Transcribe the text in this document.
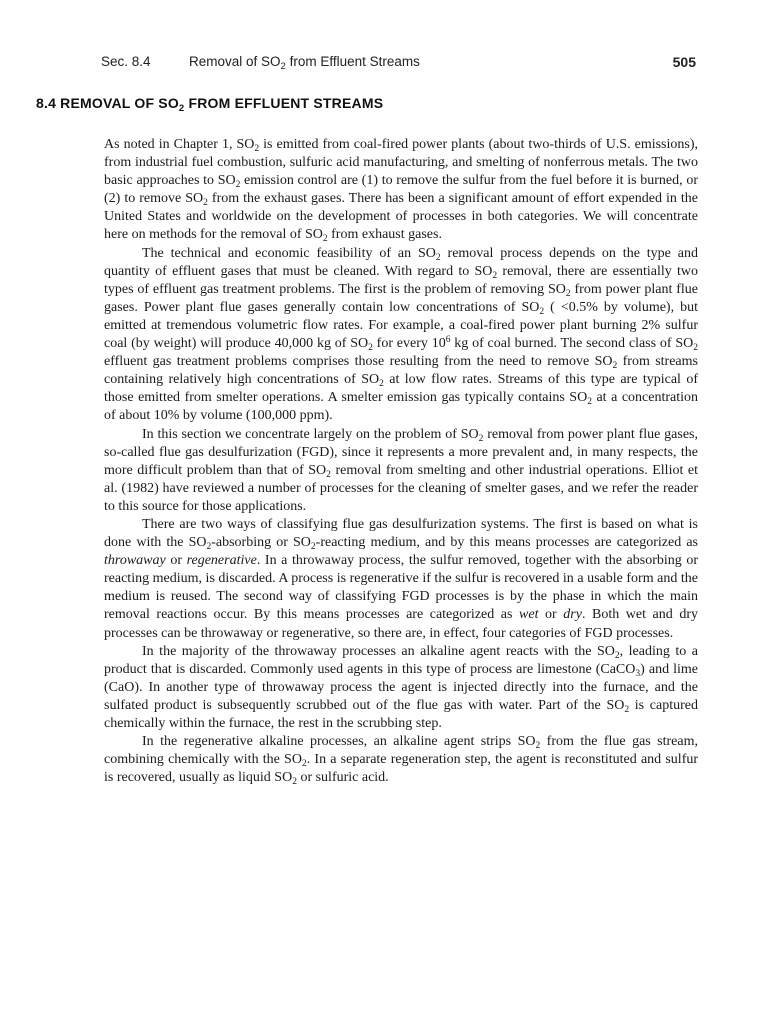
Sec. 8.4	Removal of $SO_2$ from Effluent Streams	505
8.4 REMOVAL OF $SO_2$ FROM EFFLUENT STREAMS

As noted in Chapter 1, $SO_2$ is emitted from coal-fired power plants (about two-thirds of U.S. emissions), from industrial fuel combustion, sulfuric acid manufacturing, and smelting of nonferrous metals. The two basic approaches to $SO_2$ emission control are (1) to remove the sulfur from the fuel before it is burned, or (2) to remove $SO_2$ from the exhaust gases. There has been a significant amount of effort expended in the United States and worldwide on the development of processes in both categories. We will concentrate here on methods for the removal of $SO_2$ from exhaust gases.

The technical and economic feasibility of an $SO_2$ removal process depends on the type and quantity of effluent gases that must be cleaned. With regard to $SO_2$ removal, there are essentially two types of effluent gas treatment problems. The first is the problem of removing $SO_2$ from power plant flue gases. Power plant flue gases generally contain low concentrations of $SO_2$ ( <0.5% by volume), but emitted at tremendous volumetric flow rates. For example, a coal-fired power plant burning 2% sulfur coal (by weight) will produce 40,000 kg of $SO_2$ for every $10^6$ kg of coal burned. The second class of $SO_2$ effluent gas treatment problems comprises those resulting from the need to remove $SO_2$ from streams containing relatively high concentrations of $SO_2$ at low flow rates. Streams of this type are typical of those emitted from smelter operations. A smelter emission gas typically contains $SO_2$ at a concentration of about 10% by volume (100,000 ppm).

In this section we concentrate largely on the problem of $SO_2$ removal from power plant flue gases, so-called flue gas desulfurization (FGD), since it represents a more prevalent and, in many respects, the more difficult problem than that of $SO_2$ removal from smelting and other industrial operations. Elliot et al. (1982) have reviewed a number of processes for the cleaning of smelter gases, and we refer the reader to this source for those applications.

There are two ways of classifying flue gas desulfurization systems. The first is based on what is done with the $SO_2$-absorbing or $SO_2$-reacting medium, and by this means processes are categorized as throwaway or regenerative. In a throwaway process, the sulfur removed, together with the absorbing or reacting medium, is discarded. A process is regenerative if the sulfur is recovered in a usable form and the medium is reused. The second way of classifying FGD processes is by the phase in which the main removal reactions occur. By this means processes are categorized as wet or dry. Both wet and dry processes can be throwaway or regenerative, so there are, in effect, four categories of FGD processes.

In the majority of the throwaway processes an alkaline agent reacts with the $SO_2$, leading to a product that is discarded. Commonly used agents in this type of process are limestone (CaCO$_3$) and lime (CaO). In another type of throwaway process the agent is injected directly into the furnace, and the sulfated product is subsequently scrubbed out of the flue gas with water. Part of the $SO_2$ is captured chemically within the furnace, the rest in the scrubbing step.

In the regenerative alkaline processes, an alkaline agent strips $SO_2$ from the flue gas stream, combining chemically with the $SO_2$. In a separate regeneration step, the agent is reconstituted and sulfur is recovered, usually as liquid $SO_2$ or sulfuric acid.
